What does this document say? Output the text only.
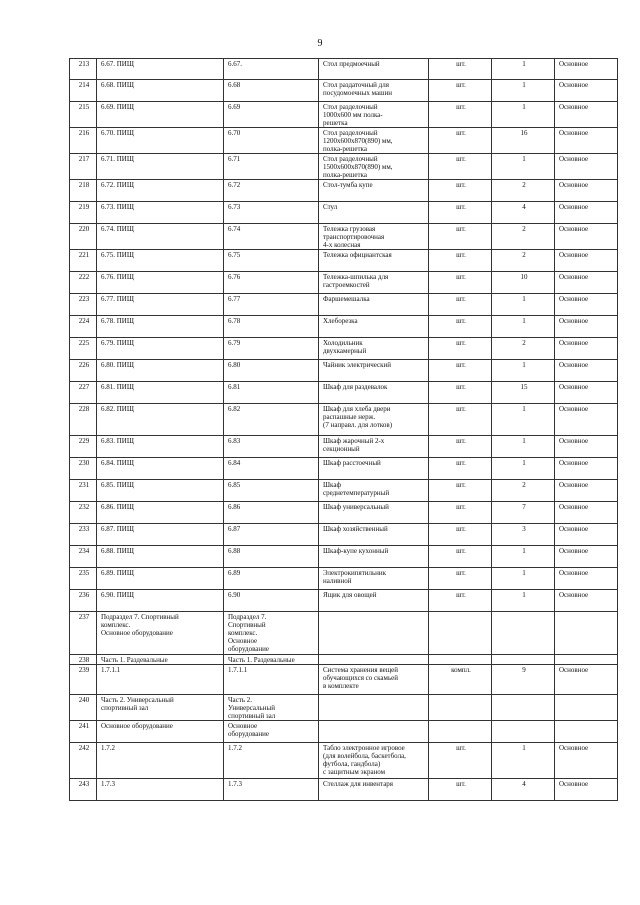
9
213	6.67. ПИЩ	6.67.	Стол предмоечный	шт.	1	Основное
214	6.68. ПИЩ	6.68	Стол раздаточный для
посудомоечных машин	шт.	1	Основное
215	6.69. ПИЩ	6.69	Стол разделочный
1000x600 мм полка-
решетка	шт.	1	Основное
216	6.70. ПИЩ	6.70	Стол разделочный
1200x600x870(890) мм,
полка-решетка	шт.	16	Основное
217	6.71. ПИЩ	6.71	Стол разделочный
1500x600x870(890) мм,
полка-решетка	шт.	1	Основное
218	6.72. ПИЩ	6.72	Стол-тумба купе	шт.	2	Основное
219	6.73. ПИЩ	6.73	Стул	шт.	4	Основное
220	6.74. ПИЩ	6.74	Тележка грузовая
транспортировочная
4-х колесная	шт.	2	Основное
221	6.75. ПИЩ	6.75	Тележка официантская	шт.	2	Основное
222	6.76. ПИЩ	6.76	Тележка-шпилька для
гастроемкостей	шт.	10	Основное
223	6.77. ПИЩ	6.77	Фаршемешалка	шт.	1	Основное
224	6.78. ПИЩ	6.78	Хлеборезка	шт.	1	Основное
225	6.79. ПИЩ	6.79	Холодильник
двухкамерный	шт.	2	Основное
226	6.80. ПИЩ	6.80	Чайник электрический	шт.	1	Основное
227	6.81. ПИЩ	6.81	Шкаф для раздевалок	шт.	15	Основное
228	6.82. ПИЩ	6.82	Шкаф для хлеба двери
распашные нерж.
(7 направл. для лотков)	шт.	1	Основное
229	6.83. ПИЩ	6.83	Шкаф жарочный 2-х
секционный	шт.	1	Основное
230	6.84. ПИЩ	6.84	Шкаф расстоечный	шт.	1	Основное
231	6.85. ПИЩ	6.85	Шкаф
среднетемпературный	шт.	2	Основное
232	6.86. ПИЩ	6.86	Шкаф универсальный	шт.	7	Основное
233	6.87. ПИЩ	6.87	Шкаф хозяйственный	шт.	3	Основное
234	6.88. ПИЩ	6.88	Шкаф-купе кухонный	шт.	1	Основное
235	6.89. ПИЩ	6.89	Электрокипятильник
наливной	шт.	1	Основное
236	6.90. ПИЩ	6.90	Ящик для овощей	шт.	1	Основное
237	Подраздел 7. Спортивный
комплекс.
Основное оборудование	Подраздел 7.
Спортивный
комплекс.
Основное
оборудование				
238	Часть 1. Раздевальные	Часть 1. Раздевальные				
239	1.7.1.1	1.7.1.1	Система хранения вещей
обучающихся со скамьей
в комплекте	компл.	9	Основное
240	Часть 2. Универсальный
спортивный зал	Часть 2.
Универсальный
спортивный зал				
241	Основное оборудование	Основное
оборудование				
242	1.7.2	1.7.2	Табло электронное игровое
(для волейбола, баскетбола,
футбола, гандбола)
с защитным экраном	шт.	1	Основное
243	1.7.3	1.7.3	Стеллаж для инвентаря	шт.	4	Основное
